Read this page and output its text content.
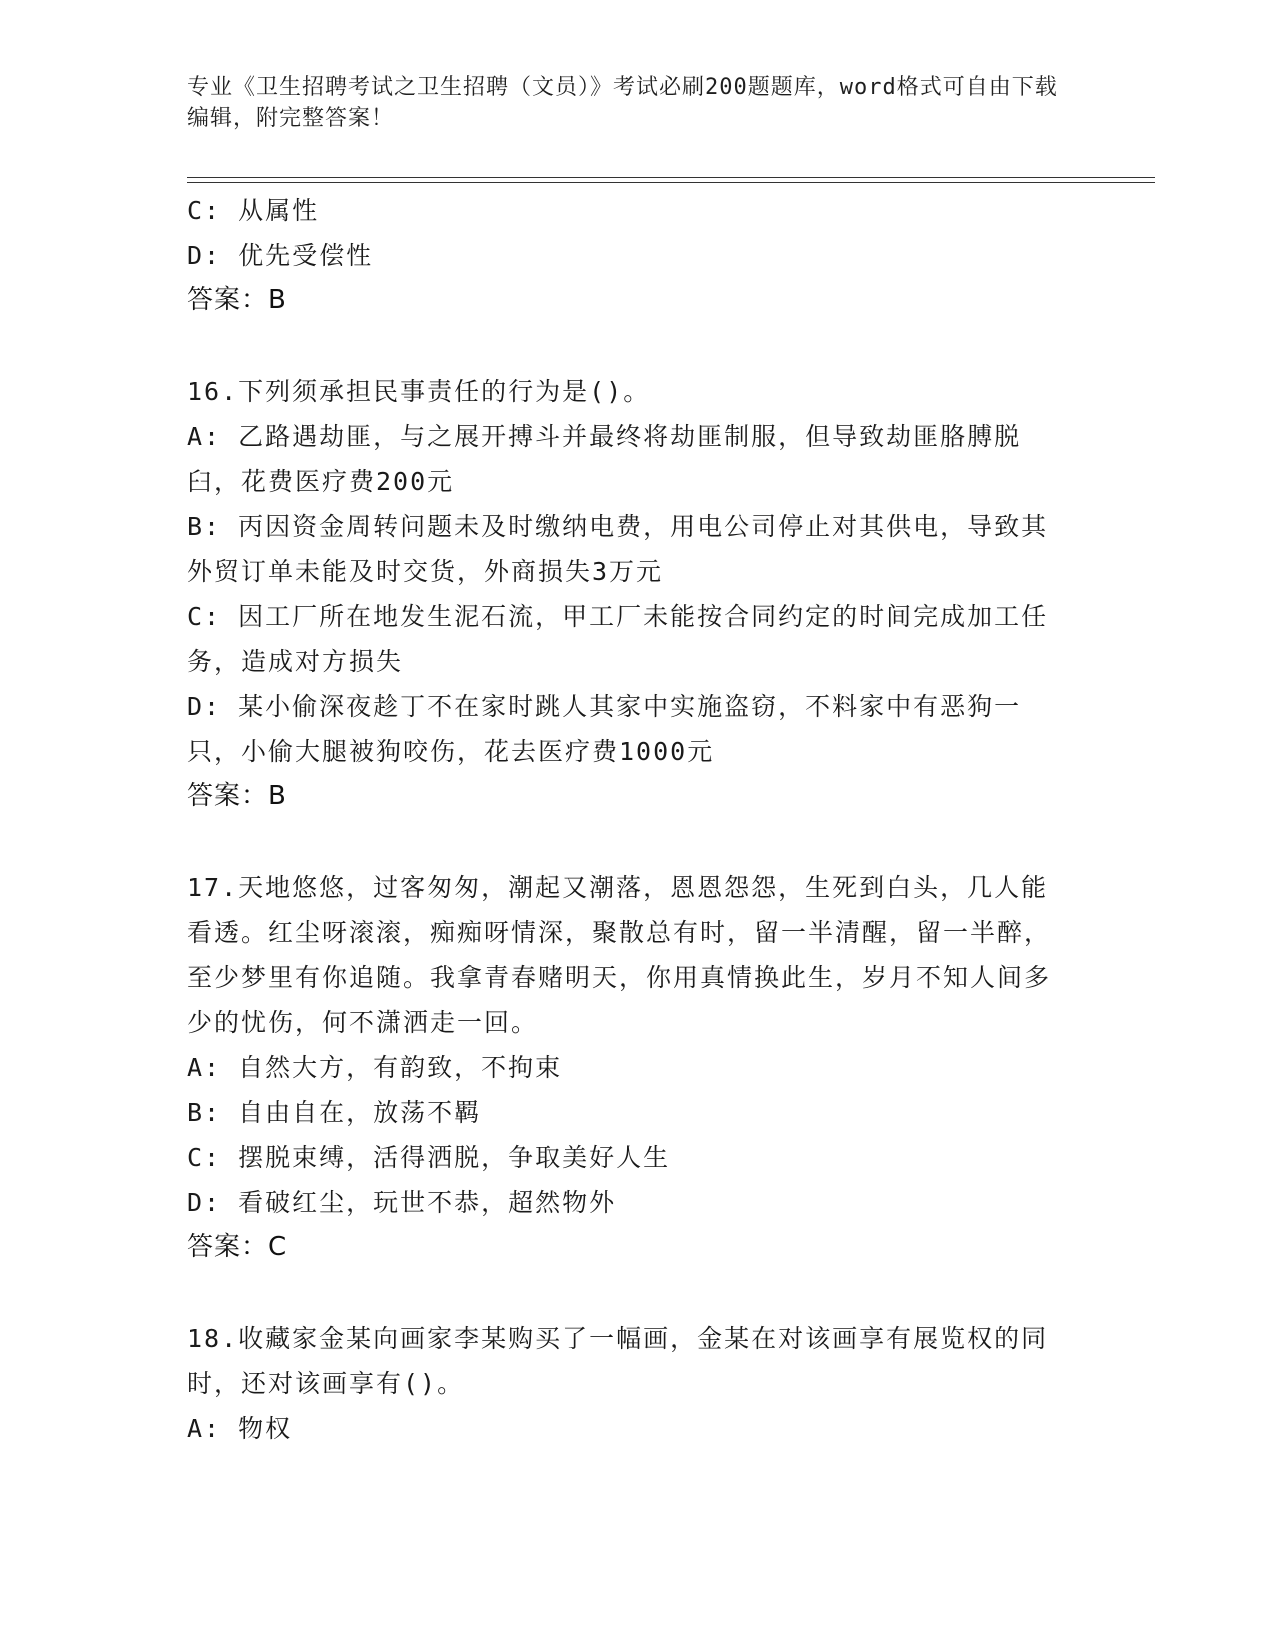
专业《卫生招聘考试之卫生招聘（文员）》考试必刷200题题库，word格式可自由下载编辑，附完整答案！
C: 从属性
D: 优先受偿性
答案：B
16.下列须承担民事责任的行为是()。
A: 乙路遇劫匪，与之展开搏斗并最终将劫匪制服，但导致劫匪胳膊脱臼，花费医疗费200元
B: 丙因资金周转问题未及时缴纳电费，用电公司停止对其供电，导致其外贸订单未能及时交货，外商损失3万元
C: 因工厂所在地发生泥石流，甲工厂未能按合同约定的时间完成加工任务，造成对方损失
D: 某小偷深夜趁丁不在家时跳人其家中实施盗窃，不料家中有恶狗一只，小偷大腿被狗咬伤，花去医疗费1000元
答案：B
17.天地悠悠，过客匆匆，潮起又潮落，恩恩怨怨，生死到白头，几人能看透。红尘呀滚滚，痴痴呀情深，聚散总有时，留一半清醒，留一半醉，至少梦里有你追随。我拿青春赌明天，你用真情换此生，岁月不知人间多少的忧伤，何不潇洒走一回。
A: 自然大方，有韵致，不拘束
B: 自由自在，放荡不羁
C: 摆脱束缚，活得洒脱，争取美好人生
D: 看破红尘，玩世不恭，超然物外
答案：C
18.收藏家金某向画家李某购买了一幅画，金某在对该画享有展览权的同时，还对该画享有()。
A: 物权
